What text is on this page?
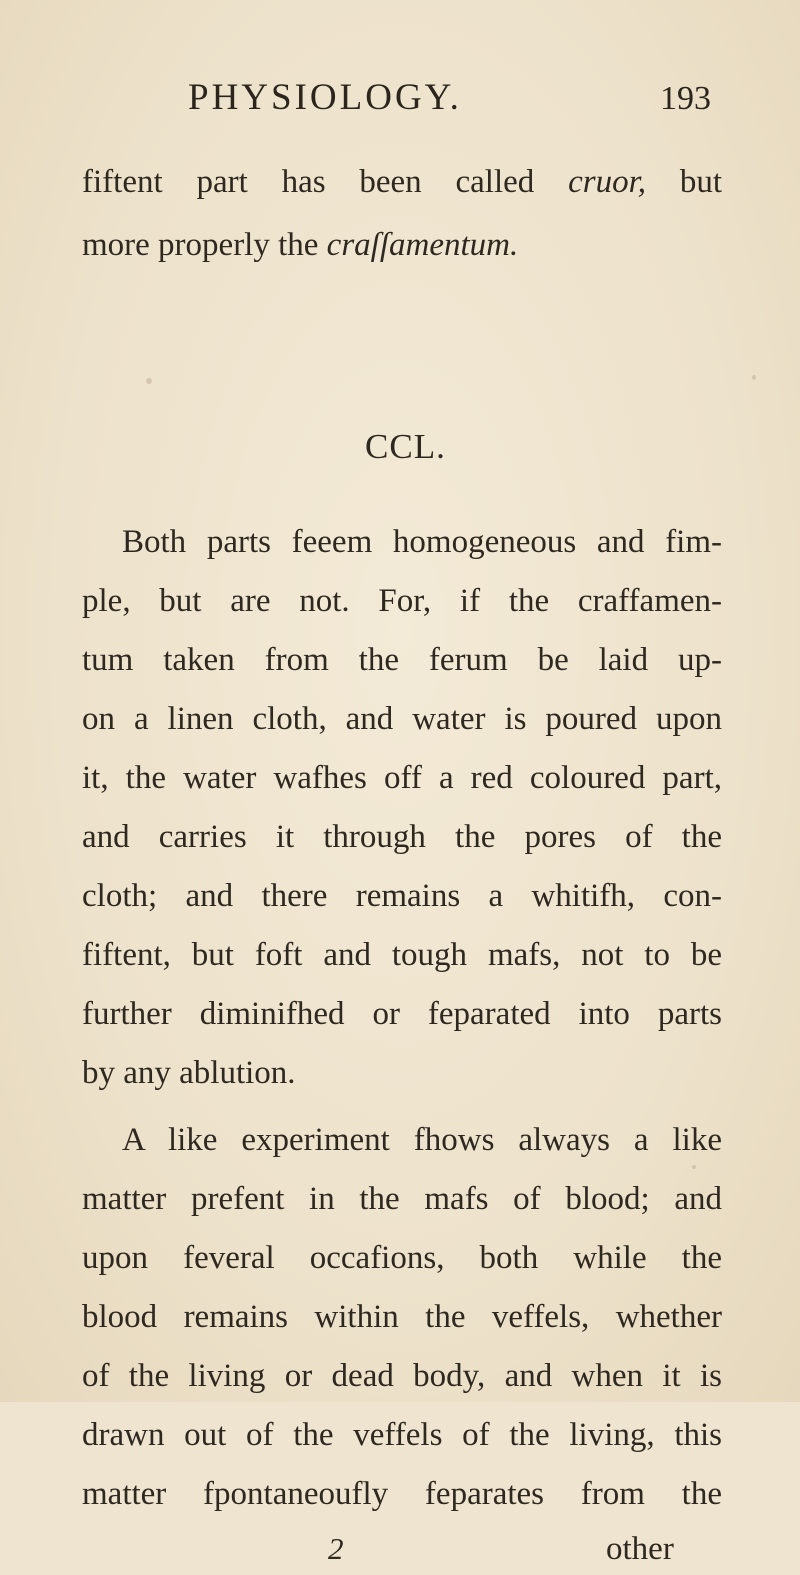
PHYSIOLOGY.	193
fiftent part has been called cruor, but
more properly the craſſamentum.
CCL.
Both parts feeem homogeneous and fim-
ple, but are not. For, if the craffamen-
tum taken from the ferum be laid up-
on a linen cloth, and water is poured upon
it, the water wafhes off a red coloured part,
and carries it through the pores of the
cloth; and there remains a whitifh, con-
fiftent, but foft and tough mafs, not to be
further diminifhed or feparated into parts
by any ablution.
A like experiment fhows always a like
matter prefent in the mafs of blood; and
upon feveral occafions, both while the
blood remains within the veffels, whether
of the living or dead body, and when it is
drawn out of the veffels of the living, this
matter fpontaneoufly feparates from the
2	other
